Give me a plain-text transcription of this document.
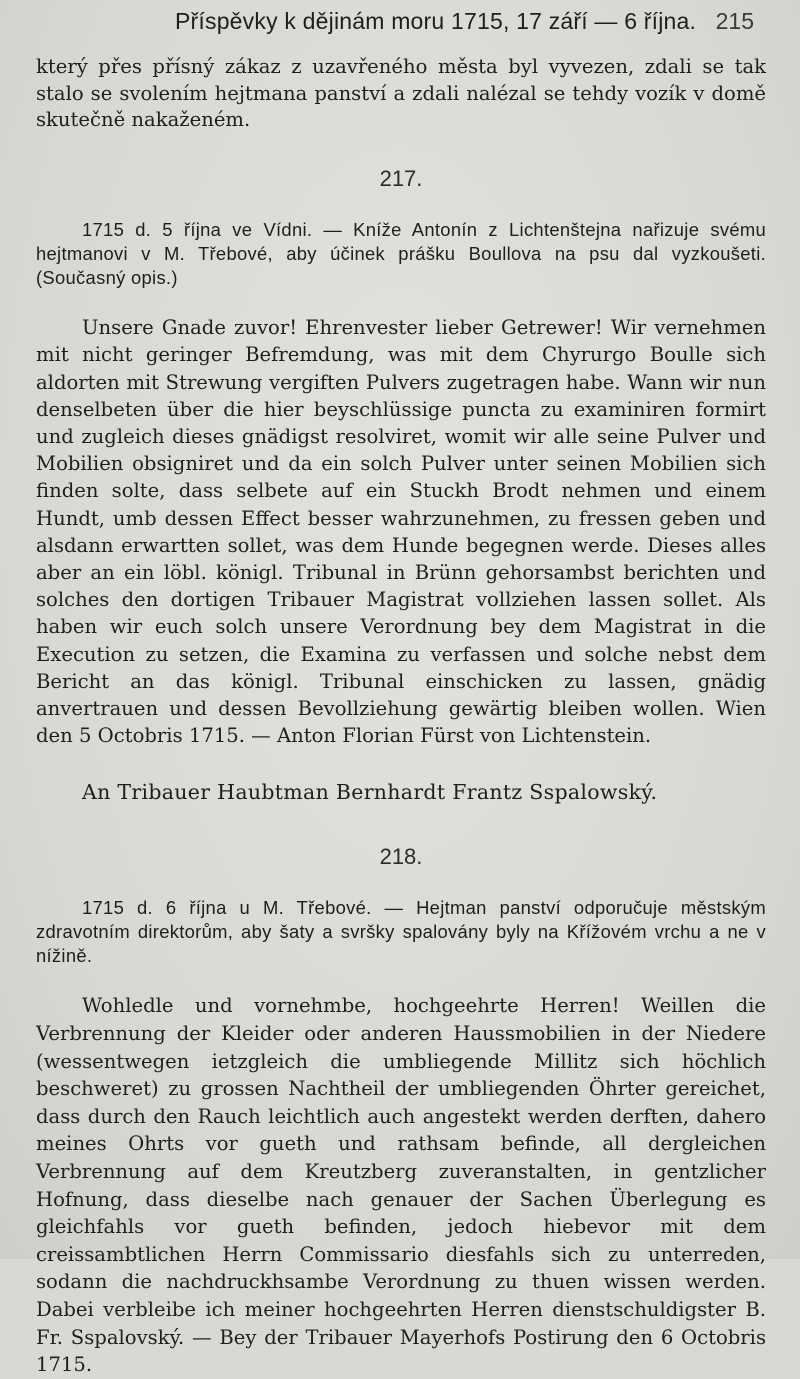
Příspěvky k dějinám moru 1715, 17 září — 6 října. 215

který přes přísný zákaz z uzavřeného města byl vyvezen, zdali se tak stalo se svolením hejtmana panství a zdali nalézal se tehdy vozík v domě skutečně nakaženém.

217.

1715 d. 5 října ve Vídni. — Kníže Antonín z Lichtenštejna nařizuje svému hejtmanovi v M. Třebové, aby účinek prášku Boullova na psu dal vyzkoušeti. (Současný opis.)

Unsere Gnade zuvor! Ehrenvester lieber Getrewer! Wir vernehmen mit nicht geringer Befremdung, was mit dem Chyrurgo Boulle sich aldorten mit Strewung vergiften Pulvers zugetragen habe. Wann wir nun denselbeten über die hier beyschlüssige puncta zu examiniren formirt und zugleich dieses gnädigst resolviret, womit wir alle seine Pulver und Mobilien obsigniret und da ein solch Pulver unter seinen Mobilien sich finden solte, dass selbete auf ein Stuckh Brodt nehmen und einem Hundt, umb dessen Effect besser wahrzunehmen, zu fressen geben und alsdann erwartten sollet, was dem Hunde begegnen werde. Dieses alles aber an ein löbl. königl. Tribunal in Brünn gehorsambst berichten und solches den dortigen Tribauer Magistrat vollziehen lassen sollet. Als haben wir euch solch unsere Verordnung bey dem Magistrat in die Execution zu setzen, die Examina zu verfassen und solche nebst dem Bericht an das königl. Tribunal einschicken zu lassen, gnädig anvertrauen und dessen Bevollziehung gewärtig bleiben wollen. Wien den 5 Octobris 1715. — Anton Florian Fürst von Lichtenstein.

An Tribauer Haubtman Bernhardt Frantz Sspalowský.

218.

1715 d. 6 října u M. Třebové. — Hejtman panství odporučuje městským zdravotním direktorům, aby šaty a svršky spalovány byly na Křížovém vrchu a ne v nížině.

Wohledle und vornehmbe, hochgeehrte Herren! Weillen die Verbrennung der Kleider oder anderen Haussmobilien in der Niedere (wessentwegen ietzgleich die umbliegende Millitz sich höchlich beschweret) zu grossen Nachtheil der umbliegenden Öhrter gereichet, dass durch den Rauch leichtlich auch angestekt werden derften, dahero meines Ohrts vor gueth und rathsam befinde, all dergleichen Verbrennung auf dem Kreutzberg zuveranstalten, in gentzlicher Hofnung, dass dieselbe nach genauer der Sachen Überlegung es gleichfahls vor gueth befinden, jedoch hiebevor mit dem creissambtlichen Herrn Commissario diesfahls sich zu unterreden, sodann die nachdruckhsambe Verordnung zu thuen wissen werden. Dabei verbleibe ich meiner hochgeehrten Herren dienstschuldigster B. Fr. Sspalovský. — Bey der Tribauer Mayerhofs Postirung den 6 Octobris 1715.
